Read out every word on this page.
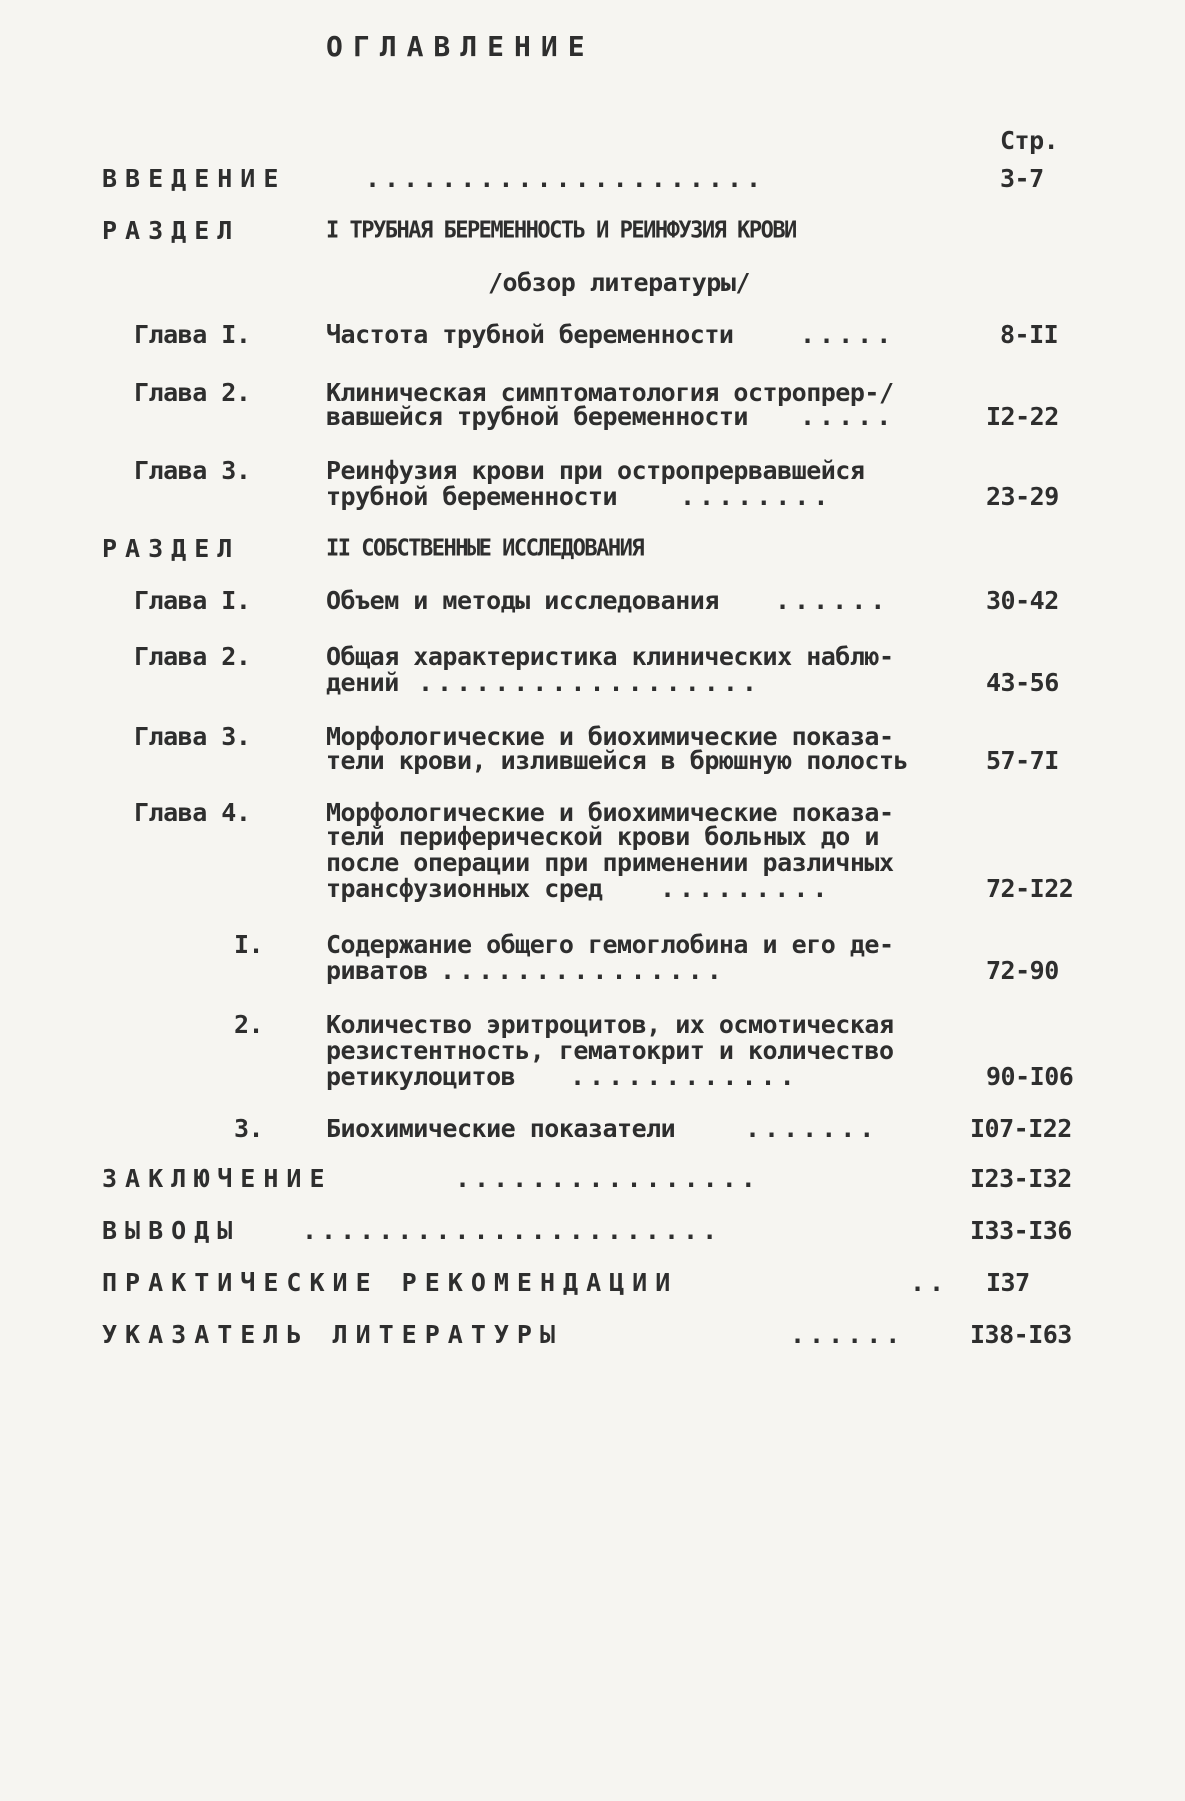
ОГЛАВЛЕНИЕ
Стр.
ВВЕДЕНИЕ	.....................	3-7
РАЗДЕЛ	I ТРУБНАЯ БЕРЕМЕННОСТЬ И РЕИНФУЗИЯ КРОВИ
/обзор литературы/
Глава I.	Частота трубной беременности	.....	8-II
Глава 2.	Клиническая симптоматология остропрер-/
вавшейся трубной беременности .....	I2-22
Глава 3.	Реинфузия крови при остропрервавшейся
трубной беременности	........	23-29
РАЗДЕЛ	II СОБСТВЕННЫЕ ИССЛЕДОВАНИЯ
Глава I.	Объем и методы исследования ......	30-42
Глава 2.	Общая характеристика клинических наблю-
дений ..................	43-56
Глава 3.	Морфологические и биохимические показа-
тели крови, излившейся в брюшную полость	57-7I
Глава 4.	Морфологические и биохимические показа-
телй периферической крови больных до и
после операции при применении различных
трансфузионных сред .........	72-I22
I.	Содержание общего гемоглобина и его де-
риватов ...............	72-90
2.	Количество эритроцитов, их осмотическая
резистентность, гематокрит и количество
ретикулоцитов ............	90-I06
3.	Биохимические показатели	.......	I07-I22
ЗАКЛЮЧЕНИЕ	................	I23-I32
ВЫВОДЫ ......................	I33-I36
ПРАКТИЧЕСКИЕ РЕКОМЕНДАЦИИ	.. I37
УКАЗАТЕЛЬ ЛИТЕРАТУРЫ	......	I38-I63
